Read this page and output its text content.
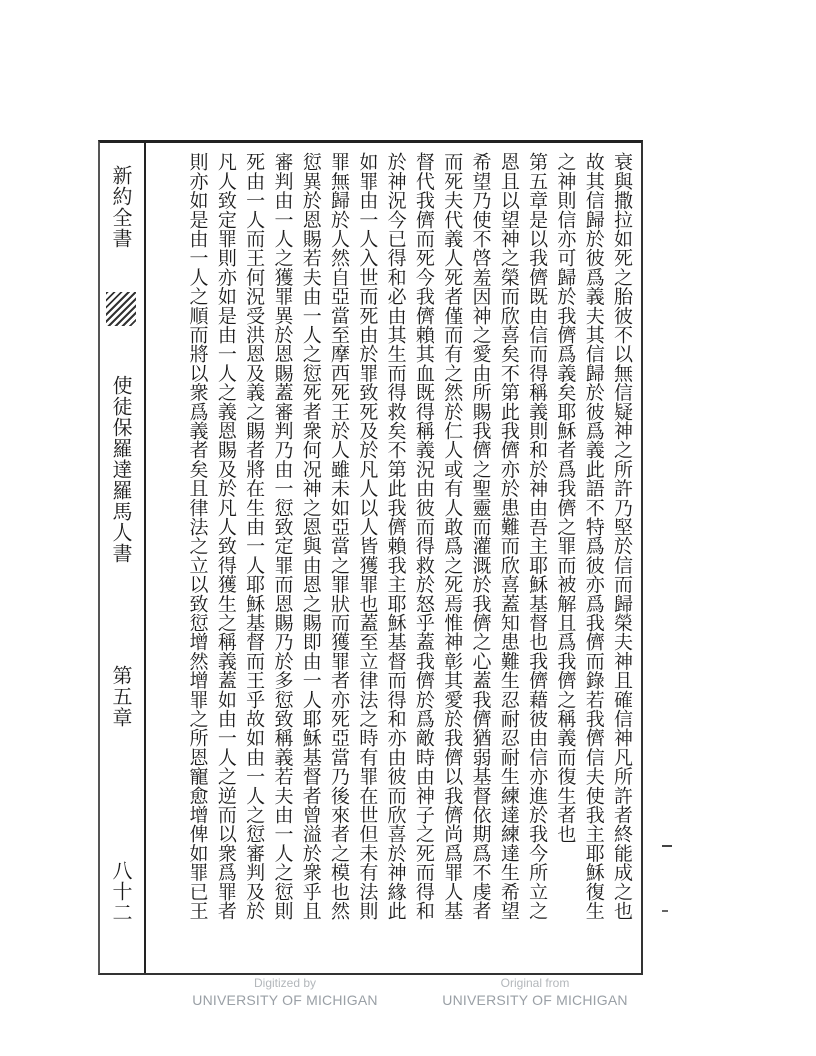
新約全書
使徒保羅達羅馬人書
第五章
八十二	衰與撒拉如死之胎彼不以無信疑神之所許乃堅於信而歸榮夫神且確信神凡所許者終能成之也
故其信歸於彼爲義夫其信歸於彼爲義此語不特爲彼亦爲我儕而錄若我儕信夫使我主耶穌復生
之神則信亦可歸於我儕爲義矣耶穌者爲我儕之罪而被解且爲我儕之稱義而復生者也
第五章是以我儕既由信而得稱義則和於神由吾主耶穌基督也我儕藉彼由信亦進於我今所立之
恩且以望神之榮而欣喜矣不第此我儕亦於患難而欣喜蓋知患難生忍耐忍耐生練達練達生希望
希望乃使不啓羞因神之愛由所賜我儕之聖靈而灌溉於我儕之心蓋我儕猶弱基督依期爲不虔者
而死夫代義人死者僅而有之然於仁人或有人敢爲之死焉惟神彰其愛於我儕以我儕尚爲罪人基
督代我儕而死今我儕賴其血既得稱義況由彼而得救於怒乎蓋我儕於爲敵時由神子之死而得和
於神況今已得和必由其生而得救矣不第此我儕賴我主耶穌基督而得和亦由彼而欣喜於神緣此
如罪由一人入世而死由於罪致死及於凡人以人皆獲罪也蓋至立律法之時有罪在世但未有法則
罪無歸於人然自亞當至摩西死王於人雖未如亞當之罪狀而獲罪者亦死亞當乃後來者之模也然
愆異於恩賜若夫由一人之愆死者衆何况神之恩與由恩之賜即由一人耶穌基督者曾溢於衆乎且
審判由一人之獲罪異於恩賜蓋審判乃由一愆致定罪而恩賜乃於多愆致稱義若夫由一人之愆則
死由一人而王何況受洪恩及義之賜者將在生由一人耶穌基督而王乎故如由一人之愆審判及於
凡人致定罪則亦如是由一人之義恩賜及於凡人致得獲生之稱義蓋如由一人之逆而以衆爲罪者
則亦如是由一人之順而將以衆爲義者矣且律法之立以致愆增然增罪之所恩寵愈增俾如罪已王
Digitized by
UNIVERSITY OF MICHIGAN
Original from
UNIVERSITY OF MICHIGAN
